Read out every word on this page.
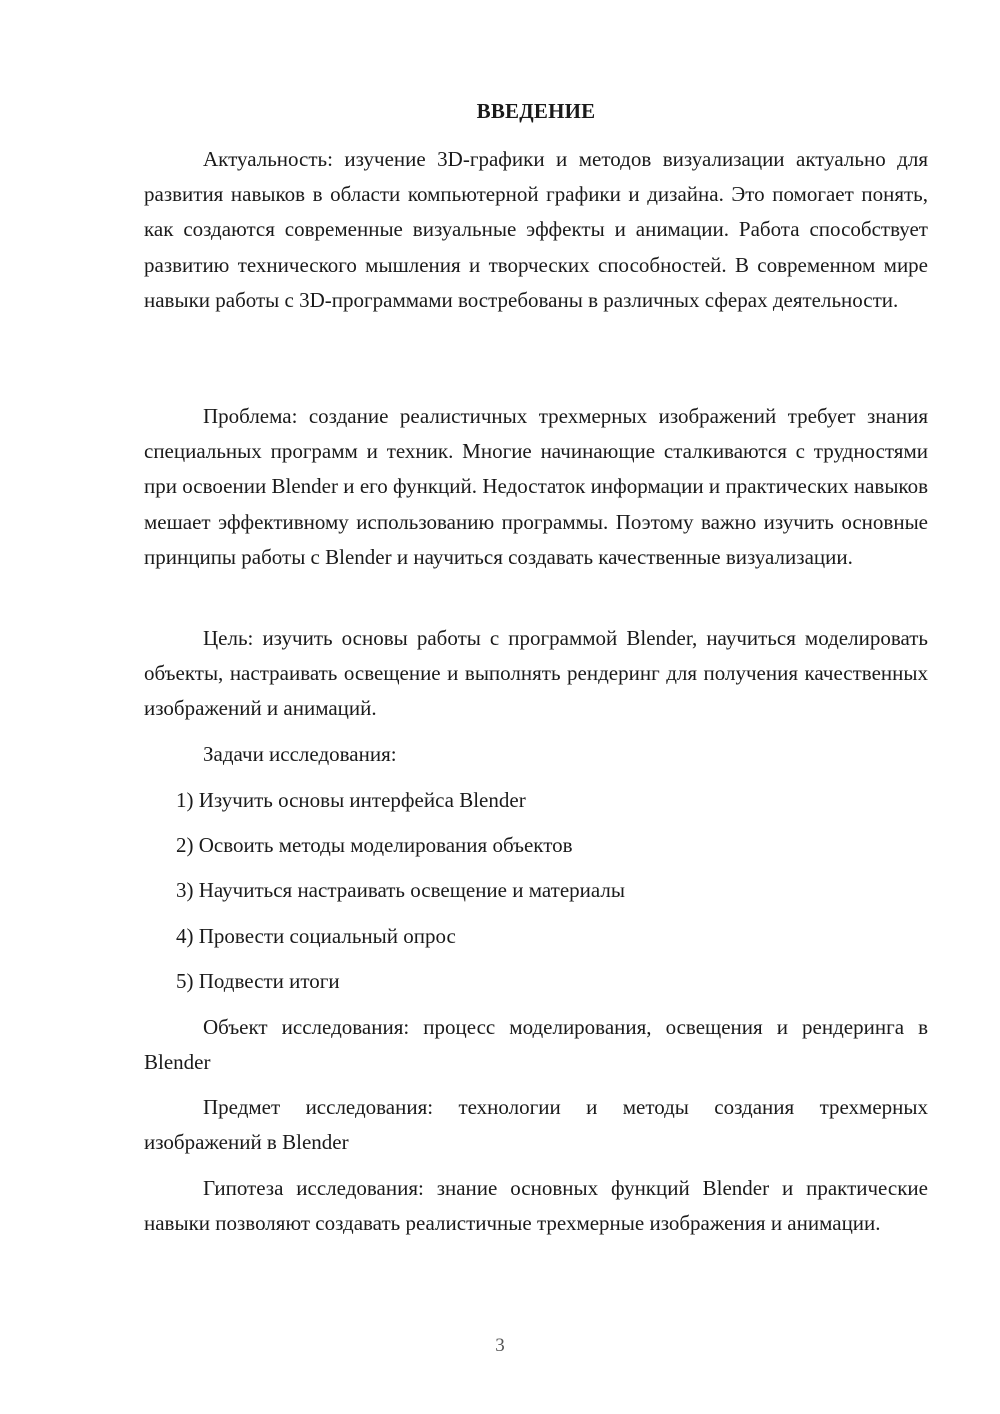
ВВЕДЕНИЕ

Актуальность: изучение 3D-графики и методов визуализации актуально для развития навыков в области компьютерной графики и дизайна. Это помогает понять, как создаются современные визуальные эффекты и анимации. Работа способствует развитию технического мышления и творческих способностей. В современном мире навыки работы с 3D-программами востребованы в различных сферах деятельности.

Проблема: создание реалистичных трехмерных изображений требует знания специальных программ и техник. Многие начинающие сталкиваются с трудностями при освоении Blender и его функций. Недостаток информации и практических навыков мешает эффективному использованию программы. Поэтому важно изучить основные принципы работы с Blender и научиться создавать качественные визуализации.

Цель: изучить основы работы с программой Blender, научиться моделировать объекты, настраивать освещение и выполнять рендеринг для получения качественных изображений и анимаций.

Задачи исследования:

1) Изучить основы интерфейса Blender
2) Освоить методы моделирования объектов
3) Научиться настраивать освещение и материалы
4) Провести социальный опрос
5) Подвести итоги

Объект исследования: процесс моделирования, освещения и рендеринга в Blender

Предмет исследования: технологии и методы создания трехмерных изображений в Blender

Гипотеза исследования: знание основных функций Blender и практические навыки позволяют создавать реалистичные трехмерные изображения и анимации.

3
